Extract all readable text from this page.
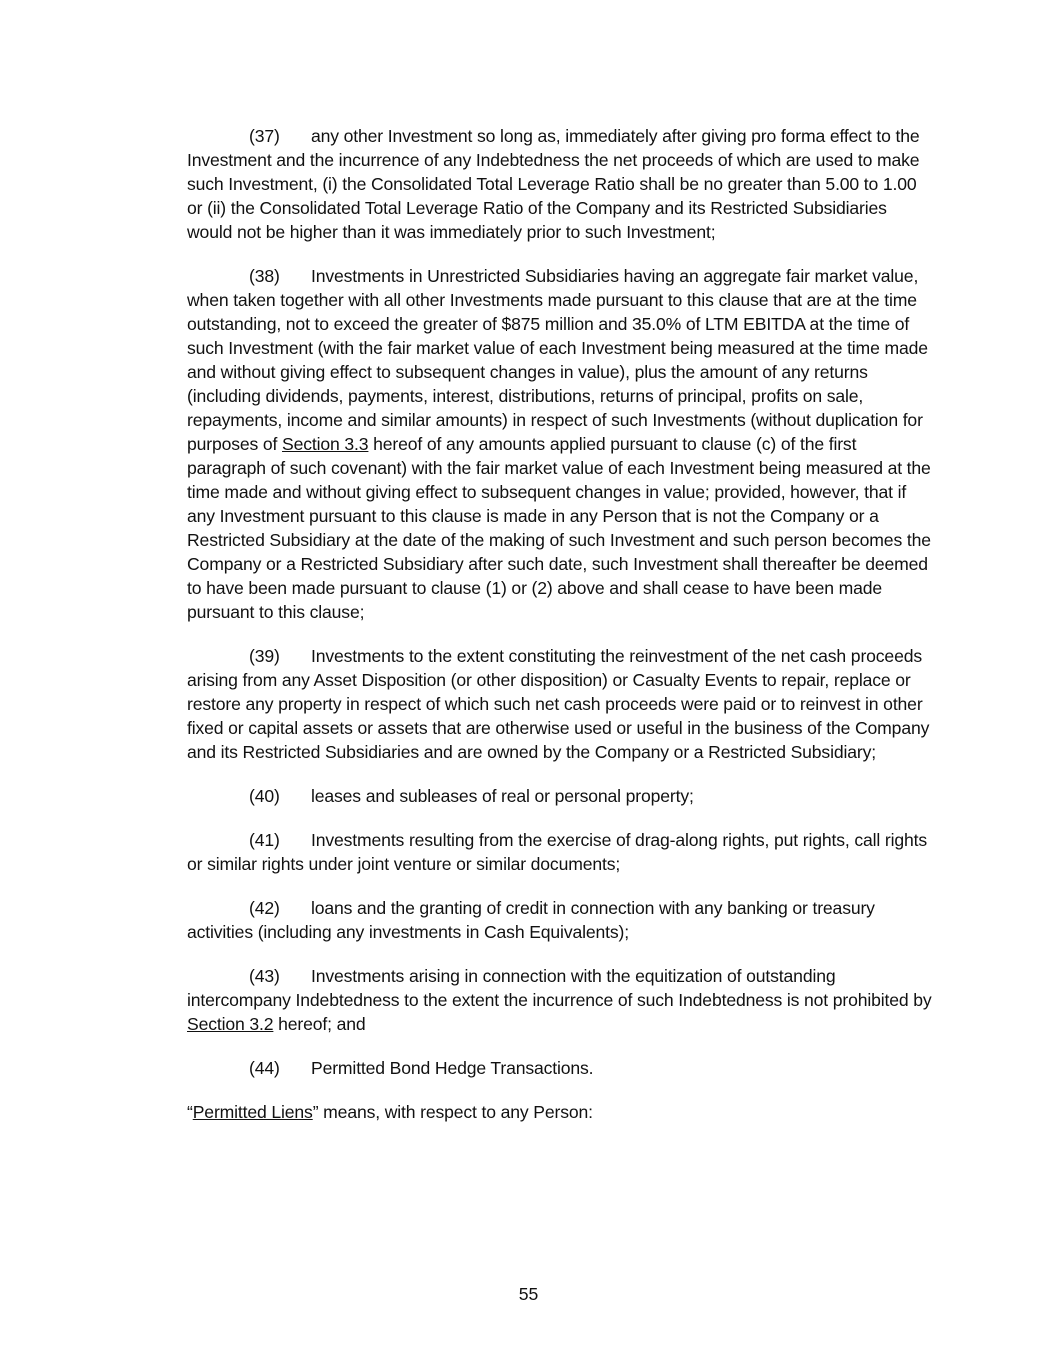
(37) any other Investment so long as, immediately after giving pro forma effect to the Investment and the incurrence of any Indebtedness the net proceeds of which are used to make such Investment, (i) the Consolidated Total Leverage Ratio shall be no greater than 5.00 to 1.00 or (ii) the Consolidated Total Leverage Ratio of the Company and its Restricted Subsidiaries would not be higher than it was immediately prior to such Investment;

(38) Investments in Unrestricted Subsidiaries having an aggregate fair market value, when taken together with all other Investments made pursuant to this clause that are at the time outstanding, not to exceed the greater of $875 million and 35.0% of LTM EBITDA at the time of such Investment (with the fair market value of each Investment being measured at the time made and without giving effect to subsequent changes in value), plus the amount of any returns (including dividends, payments, interest, distributions, returns of principal, profits on sale, repayments, income and similar amounts) in respect of such Investments (without duplication for purposes of Section 3.3 hereof of any amounts applied pursuant to clause (c) of the first paragraph of such covenant) with the fair market value of each Investment being measured at the time made and without giving effect to subsequent changes in value; provided, however, that if any Investment pursuant to this clause is made in any Person that is not the Company or a Restricted Subsidiary at the date of the making of such Investment and such person becomes the Company or a Restricted Subsidiary after such date, such Investment shall thereafter be deemed to have been made pursuant to clause (1) or (2) above and shall cease to have been made pursuant to this clause;

(39) Investments to the extent constituting the reinvestment of the net cash proceeds arising from any Asset Disposition (or other disposition) or Casualty Events to repair, replace or restore any property in respect of which such net cash proceeds were paid or to reinvest in other fixed or capital assets or assets that are otherwise used or useful in the business of the Company and its Restricted Subsidiaries and are owned by the Company or a Restricted Subsidiary;

(40) leases and subleases of real or personal property;

(41) Investments resulting from the exercise of drag-along rights, put rights, call rights or similar rights under joint venture or similar documents;

(42) loans and the granting of credit in connection with any banking or treasury activities (including any investments in Cash Equivalents);

(43) Investments arising in connection with the equitization of outstanding intercompany Indebtedness to the extent the incurrence of such Indebtedness is not prohibited by Section 3.2 hereof; and

(44) Permitted Bond Hedge Transactions.

“Permitted Liens” means, with respect to any Person:

55
